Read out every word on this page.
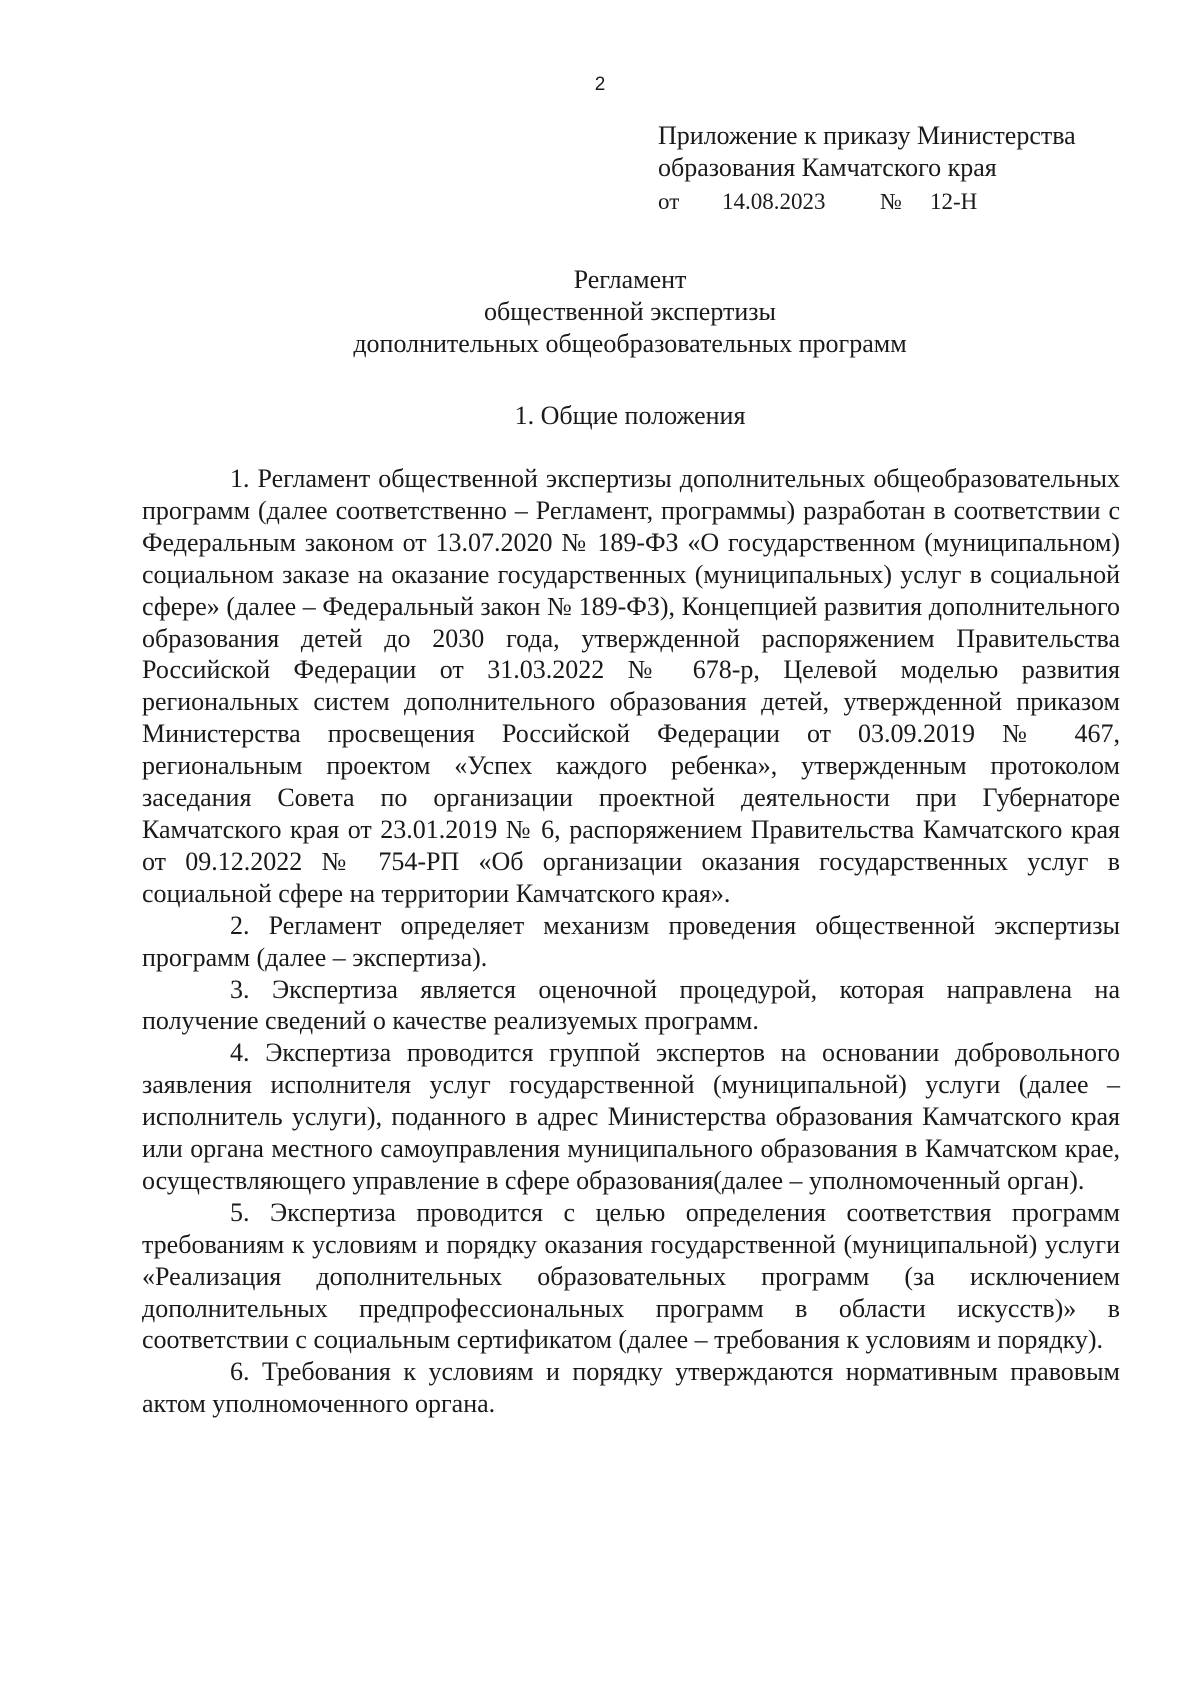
2
Приложение к приказу Министерства
образования Камчатского края
от 14.08.2023 № 12-Н
Регламент
общественной экспертизы
дополнительных общеобразовательных программ
1. Общие положения

1. Регламент общественной экспертизы дополнительных общеобразовательных программ (далее соответственно – Регламент, программы) разработан в соответствии с Федеральным законом от 13.07.2020 № 189-ФЗ «О государственном (муниципальном) социальном заказе на оказание государственных (муниципальных) услуг в социальной сфере» (далее – Федеральный закон № 189-ФЗ), Концепцией развития дополнительного образования детей до 2030 года, утвержденной распоряжением Правительства Российской Федерации от 31.03.2022 № 678-р, Целевой моделью развития региональных систем дополнительного образования детей, утвержденной приказом Министерства просвещения Российской Федерации от 03.09.2019 № 467, региональным проектом «Успех каждого ребенка», утвержденным протоколом заседания Совета по организации проектной деятельности при Губернаторе Камчатского края от 23.01.2019 № 6, распоряжением Правительства Камчатского края от 09.12.2022 № 754-РП «Об организации оказания государственных услуг в социальной сфере на территории Камчатского края».

2. Регламент определяет механизм проведения общественной экспертизы программ (далее – экспертиза).

3. Экспертиза является оценочной процедурой, которая направлена на получение сведений о качестве реализуемых программ.

4. Экспертиза проводится группой экспертов на основании добровольного заявления исполнителя услуг государственной (муниципальной) услуги (далее – исполнитель услуги), поданного в адрес Министерства образования Камчатского края или органа местного самоуправления муниципального образования в Камчатском крае, осуществляющего управление в сфере образования(далее – уполномоченный орган).

5. Экспертиза проводится с целью определения соответствия программ требованиям к условиям и порядку оказания государственной (муниципальной) услуги «Реализация дополнительных образовательных программ (за исключением дополнительных предпрофессиональных программ в области искусств)» в соответствии с социальным сертификатом (далее – требования к условиям и порядку).

6. Требования к условиям и порядку утверждаются нормативным правовым актом уполномоченного органа.
